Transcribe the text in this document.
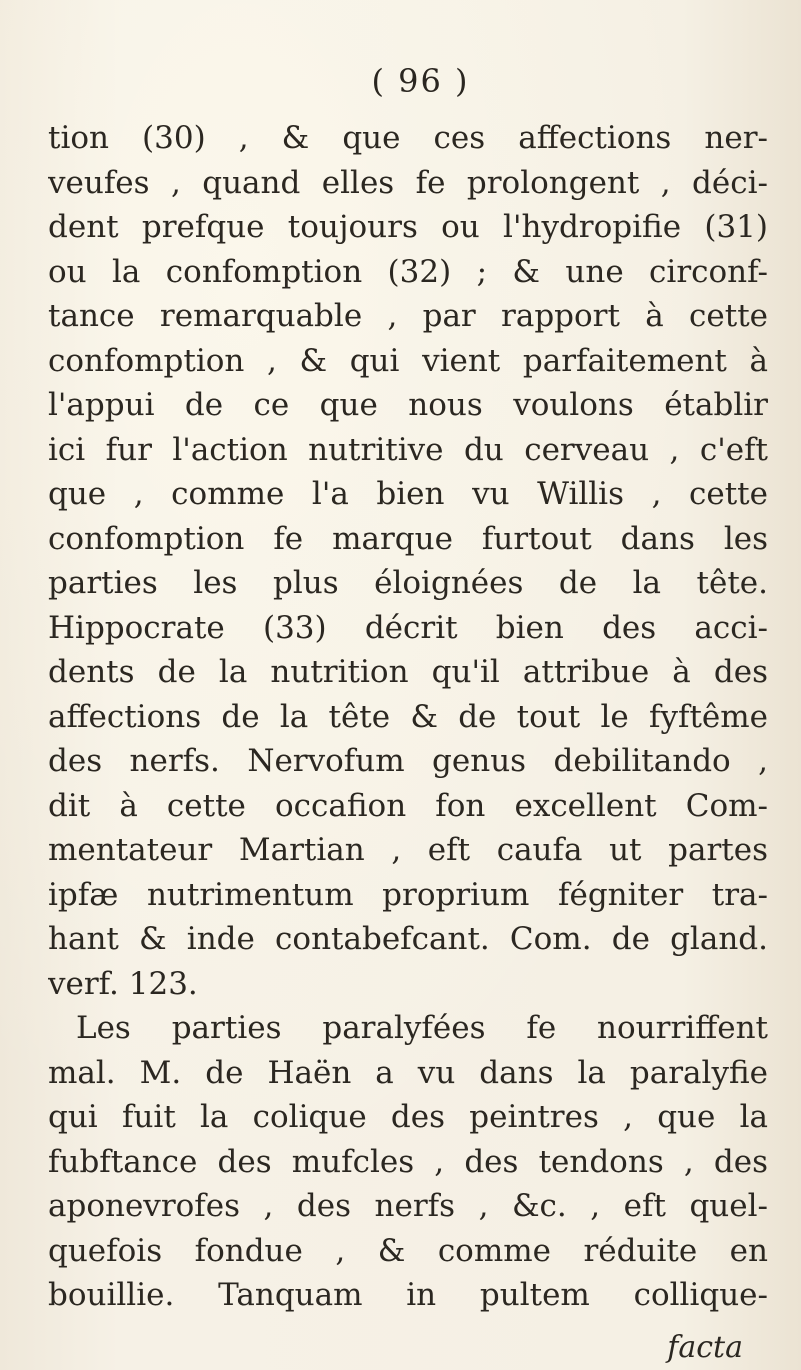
( 96 )
tion (30) , & que ces affections ner-
veufes , quand elles fe prolongent , déci-
dent prefque toujours ou l'hydropifie (31)
ou la confomption (32) ; & une circonf-
tance remarquable , par rapport à cette
confomption , & qui vient parfaitement à
l'appui de ce que nous voulons établir
ici fur l'action nutritive du cerveau , c'eft
que , comme l'a bien vu Willis , cette
confomption fe marque furtout dans les
parties les plus éloignées de la tête.
Hippocrate (33) décrit bien des acci-
dents de la nutrition qu'il attribue à des
affections de la tête & de tout le fyftême
des nerfs. Nervofum genus debilitando ,
dit à cette occafion fon excellent Com-
mentateur Martian , eft caufa ut partes
ipfæ nutrimentum proprium fégniter tra-
hant & inde contabefcant. Com. de gland.
verf. 123.
Les parties paralyfées fe nourriffent
mal. M. de Haën a vu dans la paralyfie
qui fuit la colique des peintres , que la
fubftance des mufcles , des tendons , des
aponevrofes , des nerfs , &c. , eft quel-
quefois fondue , & comme réduite en
bouillie. Tanquam in pultem collique-
facta
